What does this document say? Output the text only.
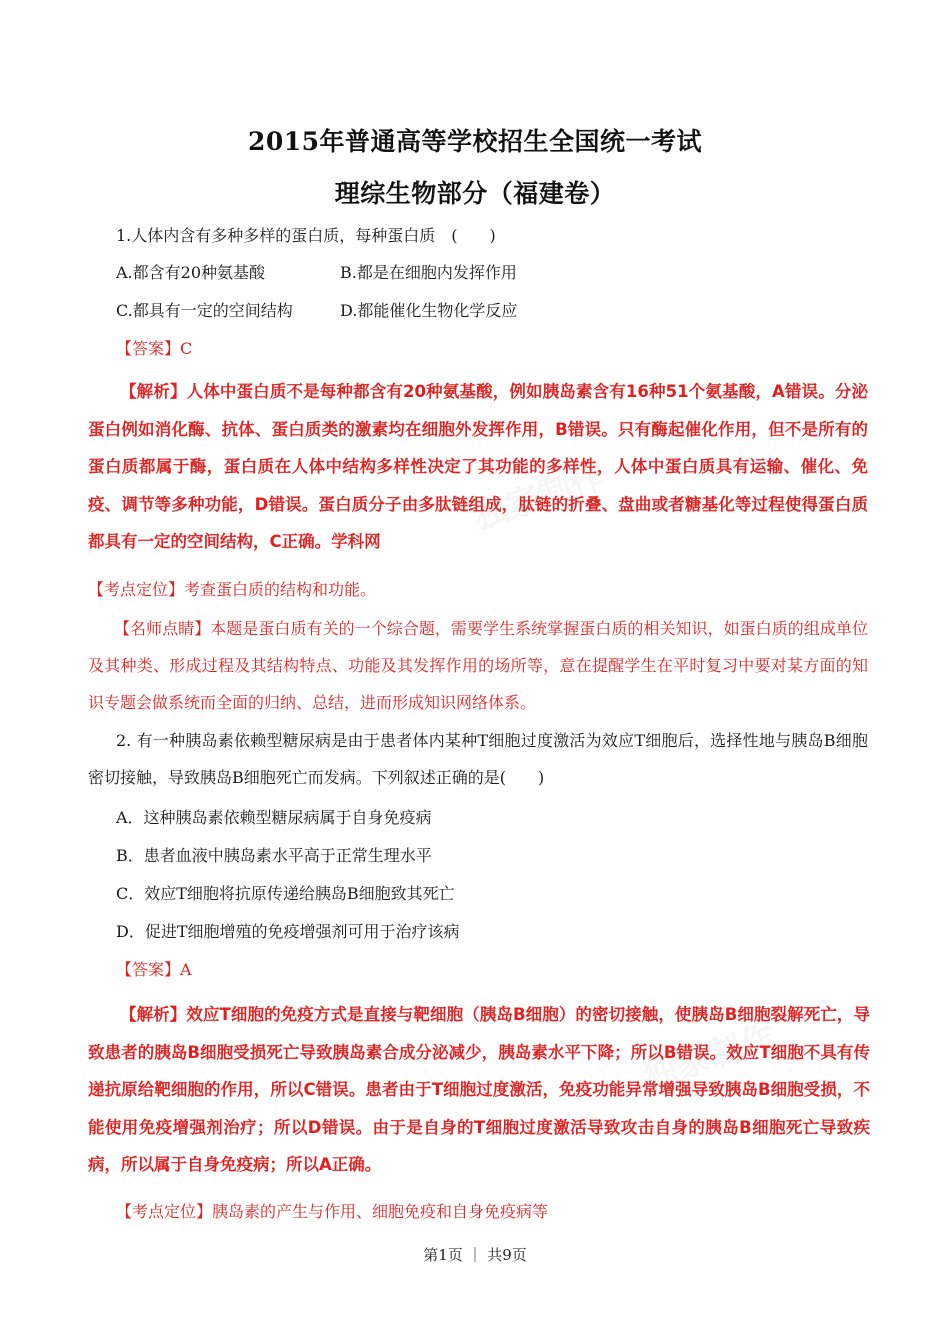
独家制作
独家制作
2015年普通高等学校招生全国统一考试
理综生物部分（福建卷）
1.人体内含有多种多样的蛋白质，每种蛋白质　(　　)
A.都含有20种氨基酸	B.都是在细胞内发挥作用
C.都具有一定的空间结构	D.都能催化生物化学反应
【答案】C
【解析】人体中蛋白质不是每种都含有20种氨基酸，例如胰岛素含有16种51个氨基酸，A错误。分泌蛋白例如消化酶、抗体、蛋白质类的激素均在细胞外发挥作用，B错误。只有酶起催化作用，但不是所有的蛋白质都属于酶，蛋白质在人体中结构多样性决定了其功能的多样性，人体中蛋白质具有运输、催化、免疫、调节等多种功能，D错误。蛋白质分子由多肽链组成，肽链的折叠、盘曲或者糖基化等过程使得蛋白质都具有一定的空间结构，C正确。学科网
【考点定位】考查蛋白质的结构和功能。
【名师点睛】本题是蛋白质有关的一个综合题，需要学生系统掌握蛋白质的相关知识，如蛋白质的组成单位及其种类、形成过程及其结构特点、功能及其发挥作用的场所等，意在提醒学生在平时复习中要对某方面的知识专题会做系统而全面的归纳、总结，进而形成知识网络体系。
2. 有一种胰岛素依赖型糖尿病是由于患者体内某种T细胞过度激活为效应T细胞后，选择性地与胰岛B细胞密切接触，导致胰岛B细胞死亡而发病。下列叙述正确的是(　　)
A．这种胰岛素依赖型糖尿病属于自身免疫病
B．患者血液中胰岛素水平高于正常生理水平
C．效应T细胞将抗原传递给胰岛B细胞致其死亡
D．促进T细胞增殖的免疫增强剂可用于治疗该病
【答案】A
【解析】效应T细胞的免疫方式是直接与靶细胞（胰岛B细胞）的密切接触，使胰岛B细胞裂解死亡，导致患者的胰岛B细胞受损死亡导致胰岛素合成分泌减少，胰岛素水平下降；所以B错误。效应T细胞不具有传递抗原给靶细胞的作用，所以C错误。患者由于T细胞过度激活，免疫功能异常增强导致胰岛B细胞受损，不能使用免疫增强剂治疗；所以D错误。由于是自身的T细胞过度激活导致攻击自身的胰岛B细胞死亡导致疾病，所以属于自身免疫病；所以A正确。
【考点定位】胰岛素的产生与作用、细胞免疫和自身免疫病等
第1页 ｜ 共9页
